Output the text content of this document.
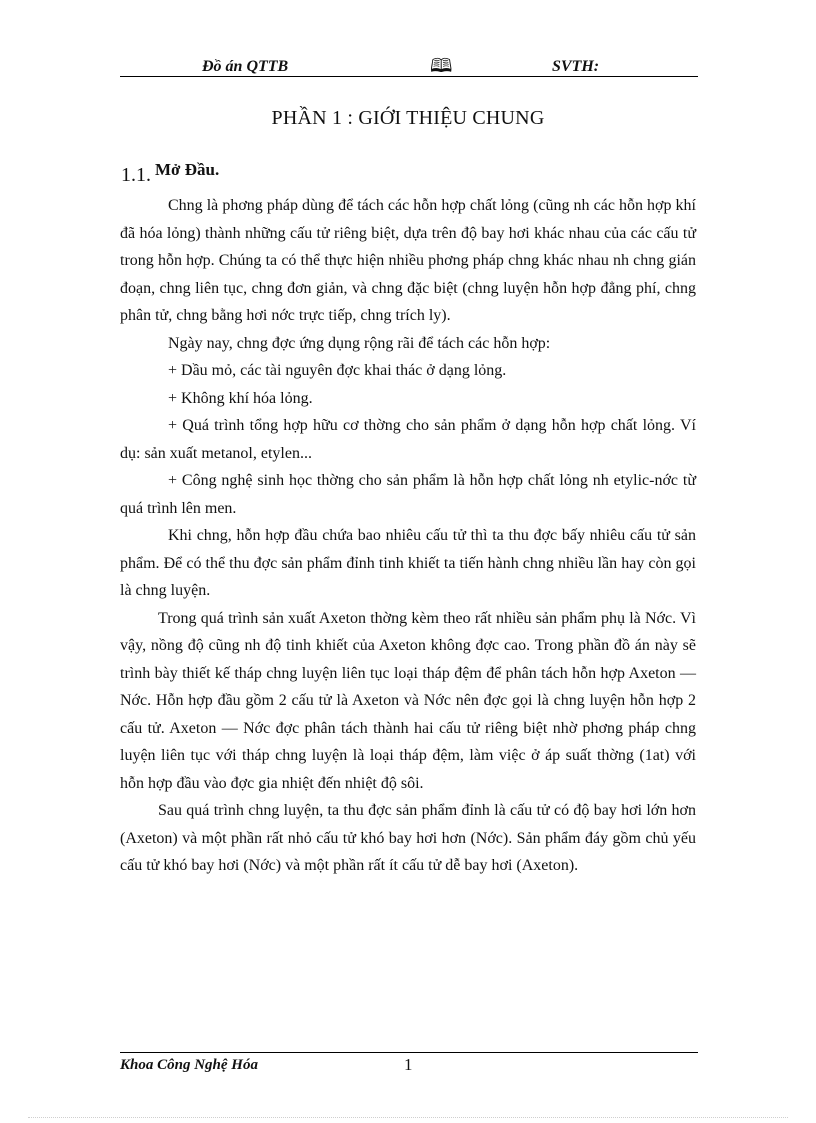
Đồ án QTTB	🕮	SVTH:
PHẦN 1 : GIỚI THIỆU CHUNG
1.1. $^{Mở Đầu.}$

Chng là phơng pháp dùng để tách các hỗn hợp chất lỏng (cũng nh các hỗn hợp khí đã hóa lỏng) thành những cấu tử riêng biệt, dựa trên độ bay hơi khác nhau của các cấu tử trong hỗn hợp. Chúng ta có thể thực hiện nhiều phơng pháp chng khác nhau nh chng gián đoạn, chng liên tục, chng đơn giản, và chng đặc biệt (chng luyện hỗn hợp đẳng phí, chng phân tử, chng bằng hơi nớc trực tiếp, chng trích ly).

Ngày nay, chng đợc ứng dụng rộng rãi để tách các hỗn hợp:

+ Dầu mỏ, các tài nguyên đợc khai thác ở dạng lỏng.

+ Không khí hóa lỏng.

+ Quá trình tổng hợp hữu cơ thờng cho sản phẩm ở dạng hỗn hợp chất lỏng. Ví dụ: sản xuất metanol, etylen...

+ Công nghệ sinh học thờng cho sản phẩm là hỗn hợp chất lỏng nh etylic-nớc từ quá trình lên men.

Khi chng, hỗn hợp đầu chứa bao nhiêu cấu tử thì ta thu đợc bấy nhiêu cấu tử sản phẩm. Để có thể thu đợc sản phẩm đỉnh tinh khiết ta tiến hành chng nhiều lần hay còn gọi là chng luyện.

Trong quá trình sản xuất Axeton thờng kèm theo rất nhiều sản phẩm phụ là Nớc. Vì vậy, nồng độ cũng nh độ tinh khiết của Axeton không đợc cao. Trong phần đồ án này sẽ trình bày thiết kế tháp chng luyện liên tục loại tháp đệm để phân tách hỗn hợp Axeton — Nớc. Hỗn hợp đầu gồm 2 cấu tử là Axeton và Nớc nên đợc gọi là chng luyện hỗn hợp 2 cấu tử. Axeton — Nớc đợc phân tách thành hai cấu tử riêng biệt nhờ phơng pháp chng luyện liên tục với tháp chng luyện là loại tháp đệm, làm việc ở áp suất thờng (1at) với hỗn hợp đầu vào đợc gia nhiệt đến nhiệt độ sôi.

Sau quá trình chng luyện, ta thu đợc sản phẩm đỉnh là cấu tử có độ bay hơi lớn hơn (Axeton) và một phần rất nhỏ cấu tử khó bay hơi hơn (Nớc). Sản phẩm đáy gồm chủ yếu cấu tử khó bay hơi (Nớc) và một phần rất ít cấu tử dễ bay hơi (Axeton).

Khoa Công Nghệ Hóa	1
